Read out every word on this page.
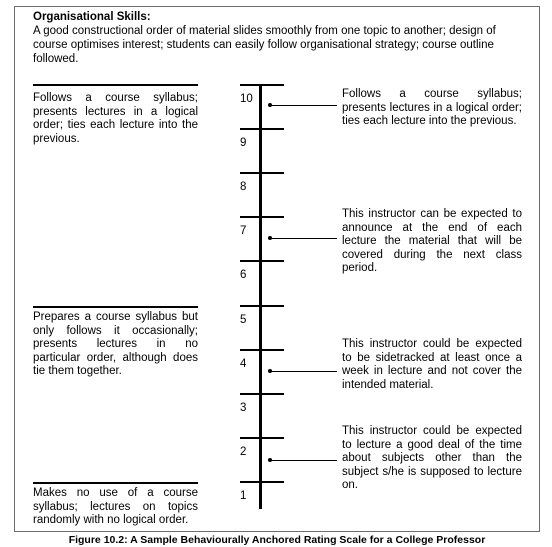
Organisational Skills:
A good constructional order of material slides smoothly from one topic to another; design of course optimises interest; students can easily follow organisational strategy; course outline followed.
Follows a course syllabus; presents lectures in a logical order; ties each lecture into the previous.
Prepares a course syllabus but only follows it occasionally; presents lectures in no particular order, although does tie them together.
Makes no use of a course syllabus; lectures on topics randomly with no logical order.
10
9
8
7
6
5
4
3
2
1
Follows a course syllabus; presents lectures in a logical order; ties each lecture into the previous.
This instructor can be expected to announce at the end of each lecture the material that will be covered during the next class period.
This instructor could be expected to be sidetracked at least once a week in lecture and not cover the intended material.
This instructor could be expected to lecture a good deal of the time about subjects other than the subject s/he is supposed to lecture on.
Figure 10.2: A Sample Behaviourally Anchored Rating Scale for a College Professor
